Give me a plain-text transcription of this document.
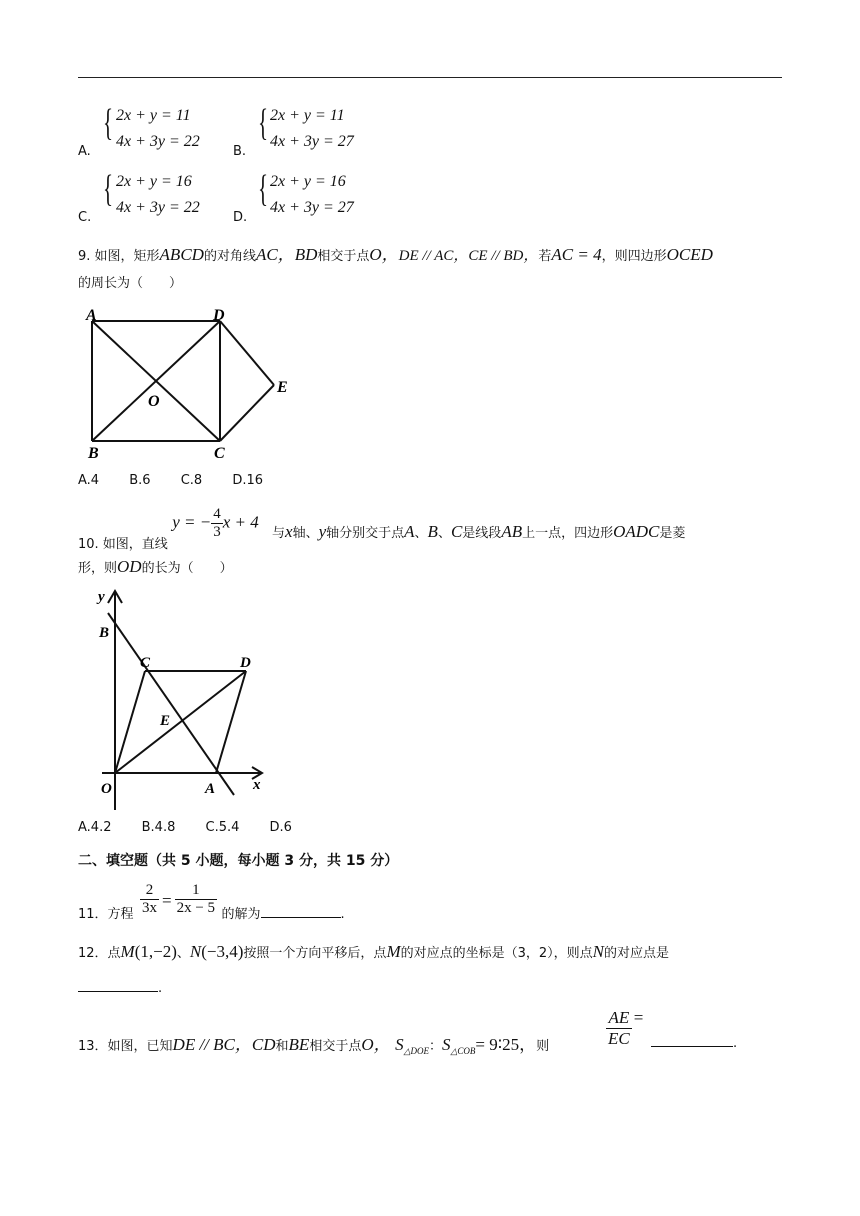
A.
{ 2x + y = 11
4x + 3y = 22
B.
{ 2x + y = 11
4x + 3y = 27
C.
{ 2x + y = 16
4x + 3y = 22
D.
{ 2x + y = 16
4x + 3y = 27
9. 如图，矩形ABCD的对角线AC，BD相交于点O，DE // AC，CE // BD，若AC = 4，则四边形OCED
的周长为（　　）
A	D
O
E
B	C
A.4 B.6 C.8 D.16
10. 如图，直线 y = − $\frac{4}{3}$ x + 4
与x轴、y轴分别交于点A、B、C是线段AB上一点，四边形OADC是菱
形，则OD的长为（　　）
y
B
C	D
E
O	A	x
A.4.2 B.4.8 C.5.4 D.6
二、填空题（共 5 小题，每小题 3 分，共 15 分）
11．方程 $\frac{2}{3x} = \frac{1}{2x - 5}$ 的解为	.
12．点M(1,−2)、N(−3,4)按照一个方向平移后，点M的对应点的坐标是（3，2），则点N的对应点是
.
13．如图，已知DE // BC，CD和BE相交于点O， $S_{\triangle DOE}$：$S_{\triangle COB}=$ 9∶25，则	$\frac{AE}{EC}$ =
.
